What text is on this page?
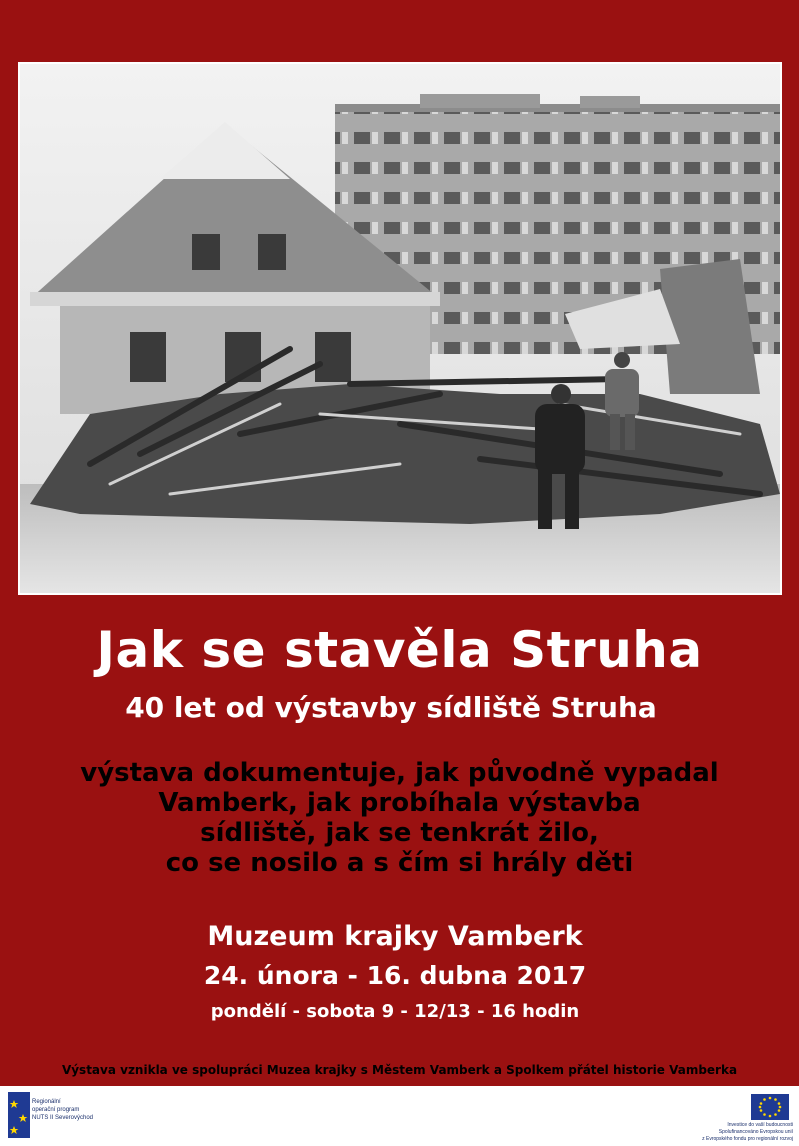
Jak se stavěla Struha
40 let od výstavby sídliště Struha
výstava dokumentuje, jak původně vypadal
Vamberk, jak probíhala výstavba
sídliště, jak se tenkrát žilo,
co se nosilo a s čím si hrály děti
Muzeum krajky Vamberk
24. února - 16. dubna 2017
pondělí - sobota 9 - 12/13 - 16 hodin
Výstava vznikla ve spolupráci Muzea krajky s Městem Vamberk a Spolkem přátel historie Vamberka
Regionální
operační program
NUTS II Severovýchod
Investice do vaší budoucnosti
Spolufinancováno Evropskou unií
z Evropského fondu pro regionální rozvoj
